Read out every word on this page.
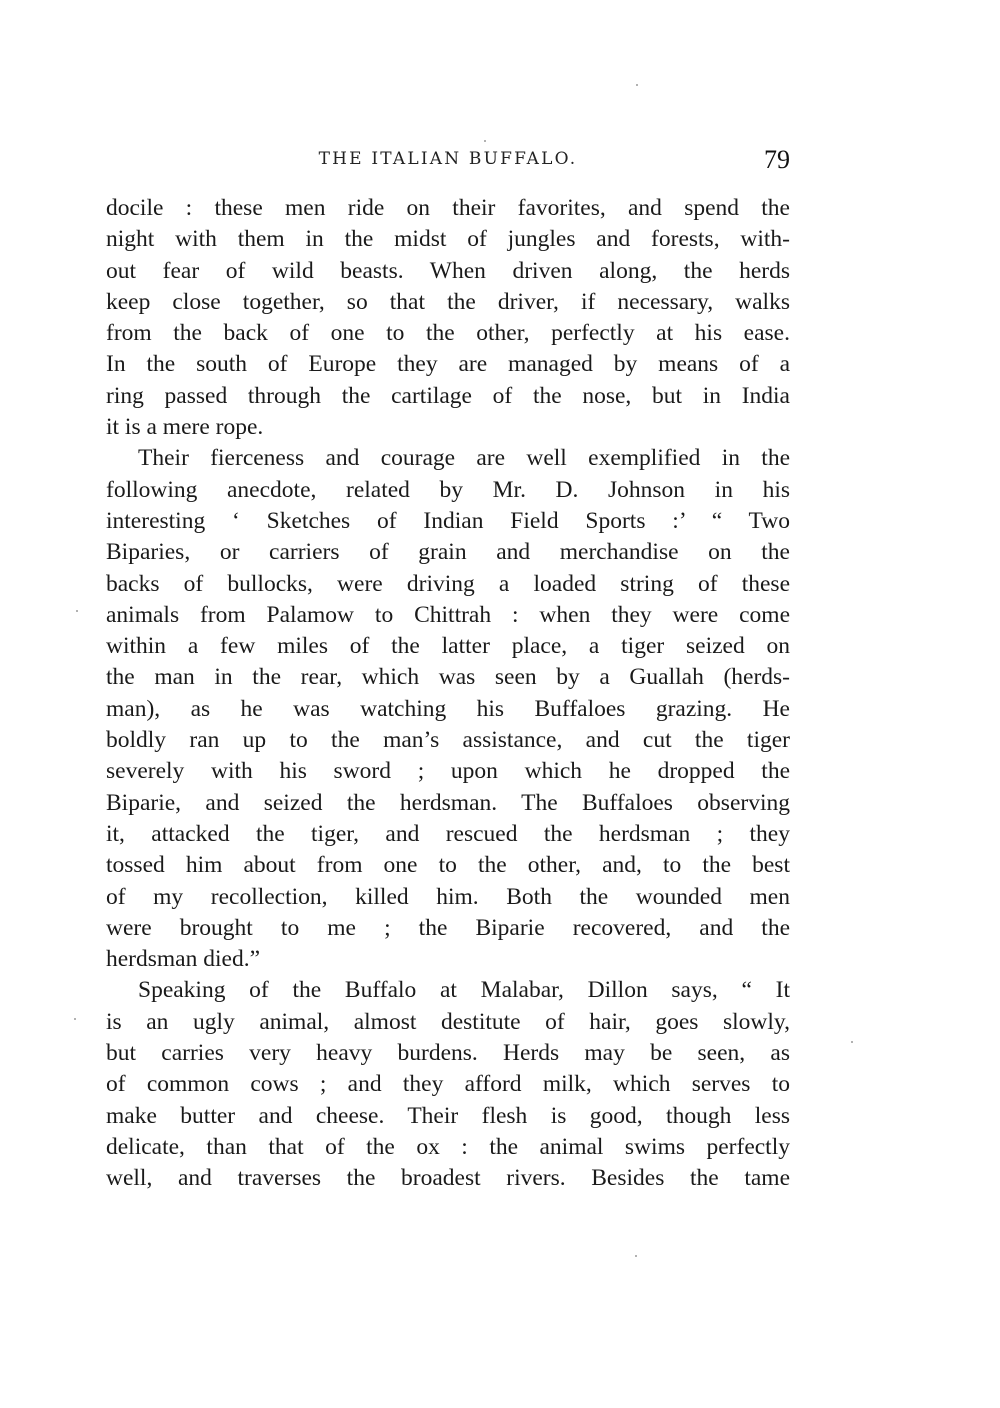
THE ITALIAN BUFFALO.	79
docile : these men ride on their favorites, and spend the
night with them in the midst of jungles and forests, with-
out fear of wild beasts. When driven along, the herds
keep close together, so that the driver, if necessary, walks
from the back of one to the other, perfectly at his ease.
In the south of Europe they are managed by means of a
ring passed through the cartilage of the nose, but in India
it is a mere rope.
Their fierceness and courage are well exemplified in the
following anecdote, related by Mr. D. Johnson in his
interesting ‘ Sketches of Indian Field Sports :’ “ Two
Biparies, or carriers of grain and merchandise on the
backs of bullocks, were driving a loaded string of these
animals from Palamow to Chittrah : when they were come
within a few miles of the latter place, a tiger seized on
the man in the rear, which was seen by a Guallah (herds-
man), as he was watching his Buffaloes grazing. He
boldly ran up to the man’s assistance, and cut the tiger
severely with his sword ; upon which he dropped the
Biparie, and seized the herdsman. The Buffaloes observing
it, attacked the tiger, and rescued the herdsman ; they
tossed him about from one to the other, and, to the best
of my recollection, killed him. Both the wounded men
were brought to me ; the Biparie recovered, and the
herdsman died.”
Speaking of the Buffalo at Malabar, Dillon says, “ It
is an ugly animal, almost destitute of hair, goes slowly,
but carries very heavy burdens. Herds may be seen, as
of common cows ; and they afford milk, which serves to
make butter and cheese. Their flesh is good, though less
delicate, than that of the ox : the animal swims perfectly
well, and traverses the broadest rivers. Besides the tame
